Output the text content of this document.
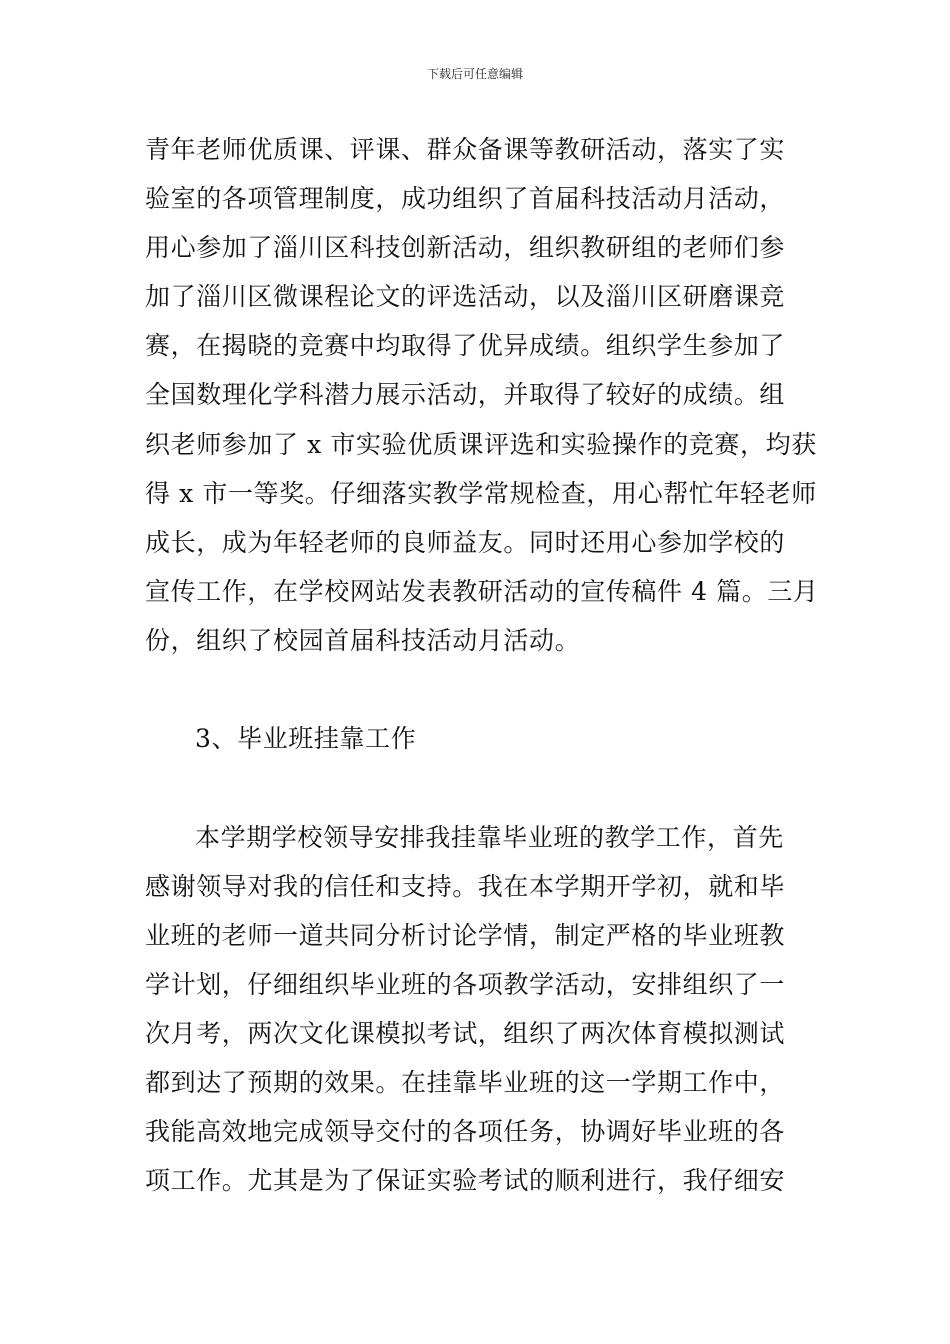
下载后可任意编辑
青年老师优质课、评课、群众备课等教研活动，落实了实
验室的各项管理制度，成功组织了首届科技活动月活动，
用心参加了淄川区科技创新活动，组织教研组的老师们参
加了淄川区微课程论文的评选活动，以及淄川区研磨课竞
赛，在揭晓的竞赛中均取得了优异成绩。组织学生参加了
全国数理化学科潜力展示活动，并取得了较好的成绩。组
织老师参加了 x 市实验优质课评选和实验操作的竞赛，均获
得 x 市一等奖。仔细落实教学常规检查，用心帮忙年轻老师
成长，成为年轻老师的良师益友。同时还用心参加学校的
宣传工作，在学校网站发表教研活动的宣传稿件 4 篇。三月
份，组织了校园首届科技活动月活动。
3、毕业班挂靠工作
本学期学校领导安排我挂靠毕业班的教学工作，首先
感谢领导对我的信任和支持。我在本学期开学初，就和毕
业班的老师一道共同分析讨论学情，制定严格的毕业班教
学计划，仔细组织毕业班的各项教学活动，安排组织了一
次月考，两次文化课模拟考试，组织了两次体育模拟测试
都到达了预期的效果。在挂靠毕业班的这一学期工作中，
我能高效地完成领导交付的各项任务，协调好毕业班的各
项工作。尤其是为了保证实验考试的顺利进行，我仔细安
